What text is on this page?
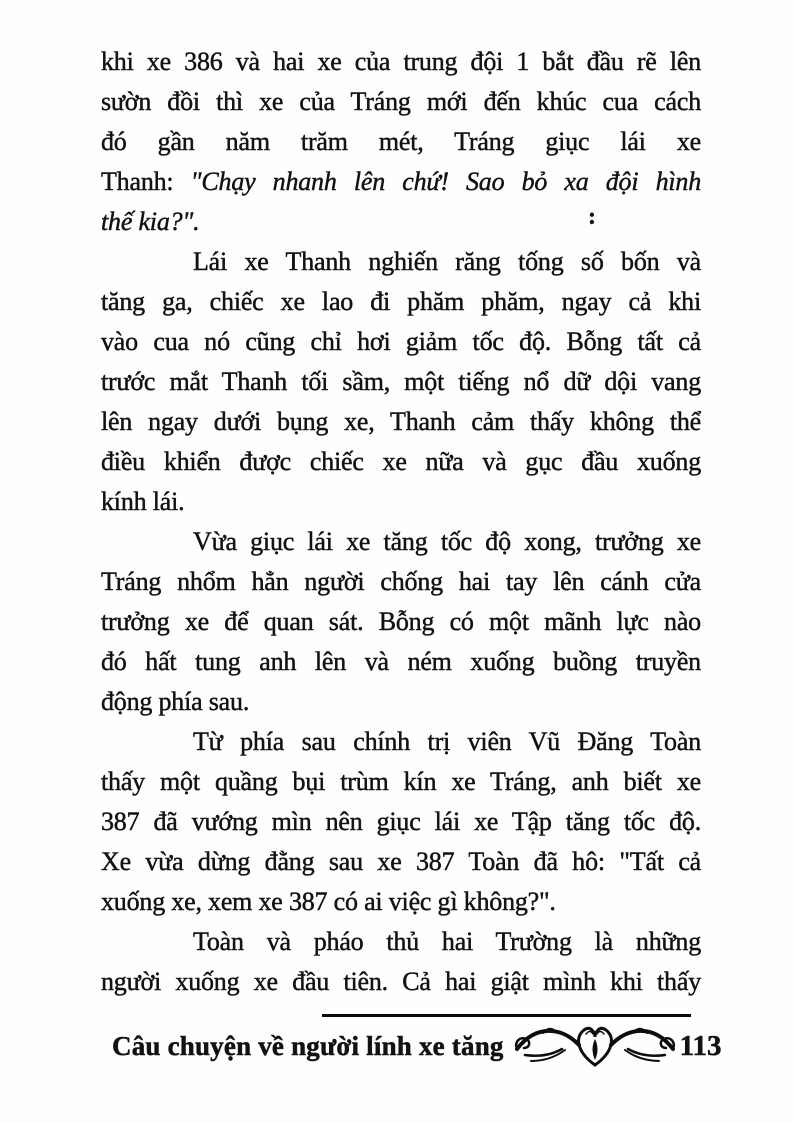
khi xe 386 và hai xe của trung đội 1 bắt đầu rẽ lên
sườn đồi thì xe của Tráng mới đến khúc cua cách
đó gần năm trăm mét, Tráng giục lái xe
Thanh: "Chạy nhanh lên chứ! Sao bỏ xa đội hình
thế kia?".
Lái xe Thanh nghiến răng tống số bốn và
tăng ga, chiếc xe lao đi phăm phăm, ngay cả khi
vào cua nó cũng chỉ hơi giảm tốc độ. Bỗng tất cả
trước mắt Thanh tối sầm, một tiếng nổ dữ dội vang
lên ngay dưới bụng xe, Thanh cảm thấy không thể
điều khiển được chiếc xe nữa và gục đầu xuống
kính lái.
Vừa giục lái xe tăng tốc độ xong, trưởng xe
Tráng nhổm hẳn người chống hai tay lên cánh cửa
trưởng xe để quan sát. Bỗng có một mãnh lực nào
đó hất tung anh lên và ném xuống buồng truyền
động phía sau.
Từ phía sau chính trị viên Vũ Đăng Toàn
thấy một quầng bụi trùm kín xe Tráng, anh biết xe
387 đã vướng mìn nên giục lái xe Tập tăng tốc độ.
Xe vừa dừng đằng sau xe 387 Toàn đã hô: "Tất cả
xuống xe, xem xe 387 có ai việc gì không?".
Toàn và pháo thủ hai Trường là những
người xuống xe đầu tiên. Cả hai giật mình khi thấy
:
Câu chuyện về người lính xe tăng	113
